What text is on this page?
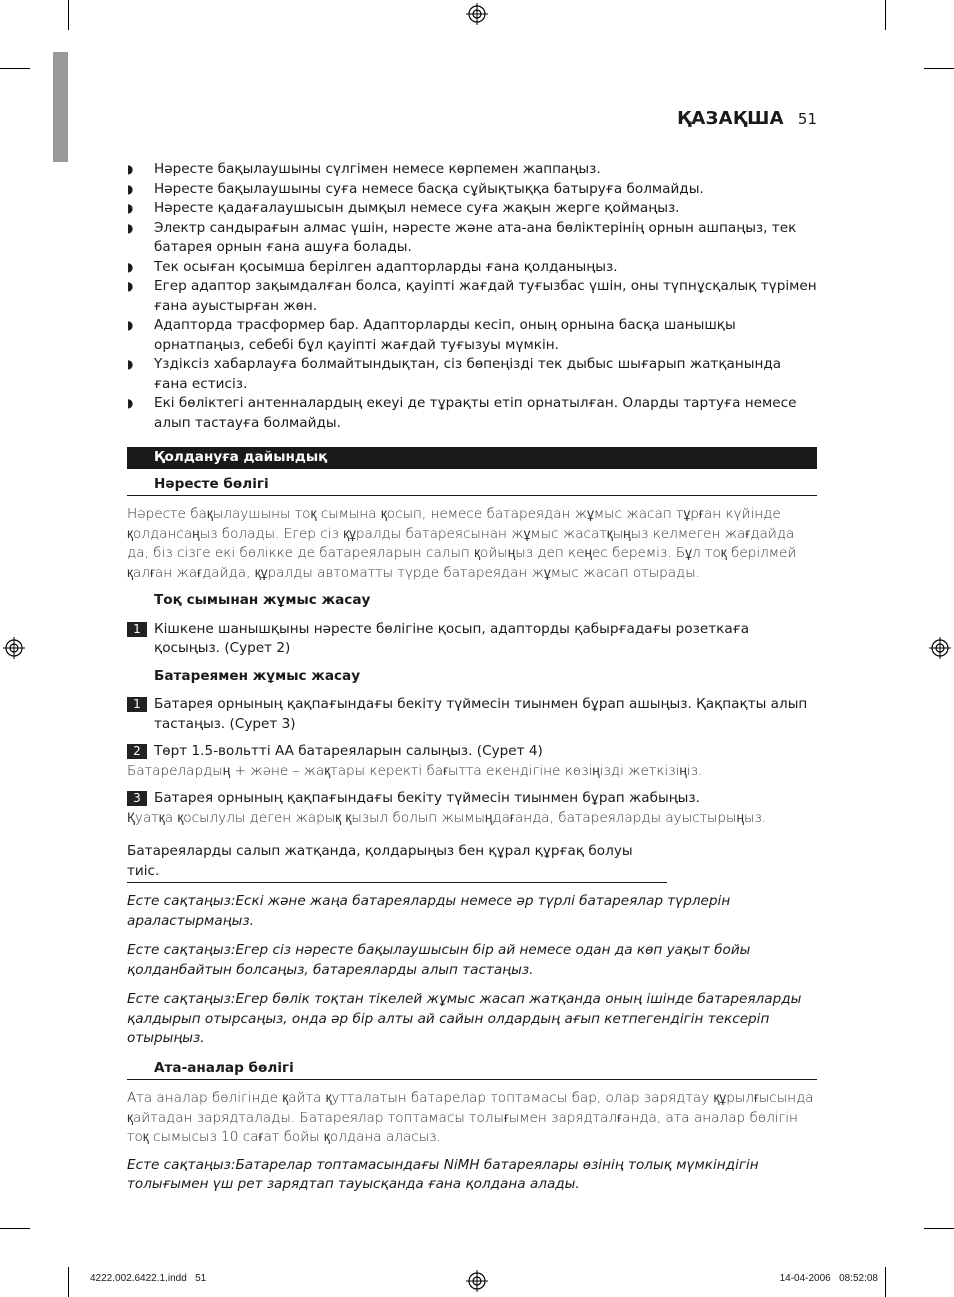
ҚАЗАҚША 51
◗ Нәресте бақылаушыны сүлгімен немесе көрпемен жаппаңыз.
◗ Нәресте бақылаушыны суға немесе басқа сұйықтыққа батыруға болмайды.
◗ Нәресте қадағалаушысын дымқыл немесе суға жақын жерге қоймаңыз.
◗ Электр сандырағын алмас үшін, нәресте және ата-ана бөліктерінің орнын ашпаңыз, тек батарея орнын ғана ашуға болады.
◗ Тек осыған қосымша берілген адапторларды ғана қолданыңыз.
◗ Егер адаптор зақымдалған болса, қауіпті жағдай туғызбас үшін, оны түпнұсқалық түрімен ғана ауыстырған жөн.
◗ Адапторда трасформер бар. Адапторларды кесіп, оның орнына басқа шанышқы орнатпаңыз, себебі бұл қауіпті жағдай туғызуы мүмкін.
◗ Үздіксіз хабарлауға болмайтындықтан, сіз бөпеңізді тек дыбыс шығарып жатқанында ғана естисіз.
◗ Екі бөліктегі антенналардың екеуі де тұрақты етіп орнатылған. Оларды тартуға немесе алып тастауға болмайды.
Қолдануға дайындық
Нәресте бөлігі

Нәресте бақылаушыны тоқ сымына қосып, немесе батареядан жұмыс жасап тұрған күйінде қолдансаңыз болады. Егер сіз құралды батареясынан жұмыс жасатқыңыз келмеген жағдайда да, біз сізге екі бөлікке де батареяларын салып қойыңыз деп кеңес береміз. Бұл тоқ берілмей қалған жағдайда, құралды автоматты түрде батареядан жұмыс жасап отырады.

Тоқ сымынан жұмыс жасау
1 Кішкене шанышқыны нәресте бөлігіне қосып, адапторды қабырғадағы розеткаға қосыңыз. (Сурет 2)

Батареямен жұмыс жасау
1 Батарея орнының қақпағындағы бекіту түймесін тиынмен бұрап ашыңыз. Қақпақты алып тастаңыз. (Сурет 3)

2 Төрт 1.5-вольтті AA батареяларын салыңыз. (Сурет 4)

Батарелардың + және – жақтары керекті бағытта екендігіне көзіңізді жеткізіңіз.

3 Батарея орнының қақпағындағы бекіту түймесін тиынмен бұрап жабыңыз.

Қуатқа қосылулы деген жарық қызыл болып жымыңдағанда, батареяларды ауыстырыңыз.

Батареяларды салып жатқанда, қолдарыңыз бен құрал құрғақ болуы тиіс.

Есте сақтаңыз:Ескі және жаңа батареяларды немесе әр түрлі батареялар түрлерін араластырмаңыз.

Есте сақтаңыз:Егер сіз нәресте бақылаушысын бір ай немесе одан да көп уақыт бойы қолданбайтын болсаңыз, батареяларды алып тастаңыз.

Есте сақтаңыз:Егер бөлік тоқтан тікелей жұмыс жасап жатқанда оның ішінде батареяларды қалдырып отырсаңыз, онда әр бір алты ай сайын олдардың ағып кетпегендігін тексеріп отырыңыз.

Ата-аналар бөлігі

Ата аналар бөлігінде қайта қутталатын батарелар топтамасы бар, олар зарядтау құрылғысында қайтадан зарядталады. Батареялар топтамасы толығымен зарядталғанда, ата аналар бөлігін тоқ сымысыз 10 сағат бойы қолдана аласыз.

Есте сақтаңыз:Батарелар топтамасындағы NiMH батареялары өзінің толық мүмкіндігін толығымен үш рет зарядтап тауысқанда ғана қолдана алады.

4222.002.6422.1.indd   51	14-04-2006   08:52:08
